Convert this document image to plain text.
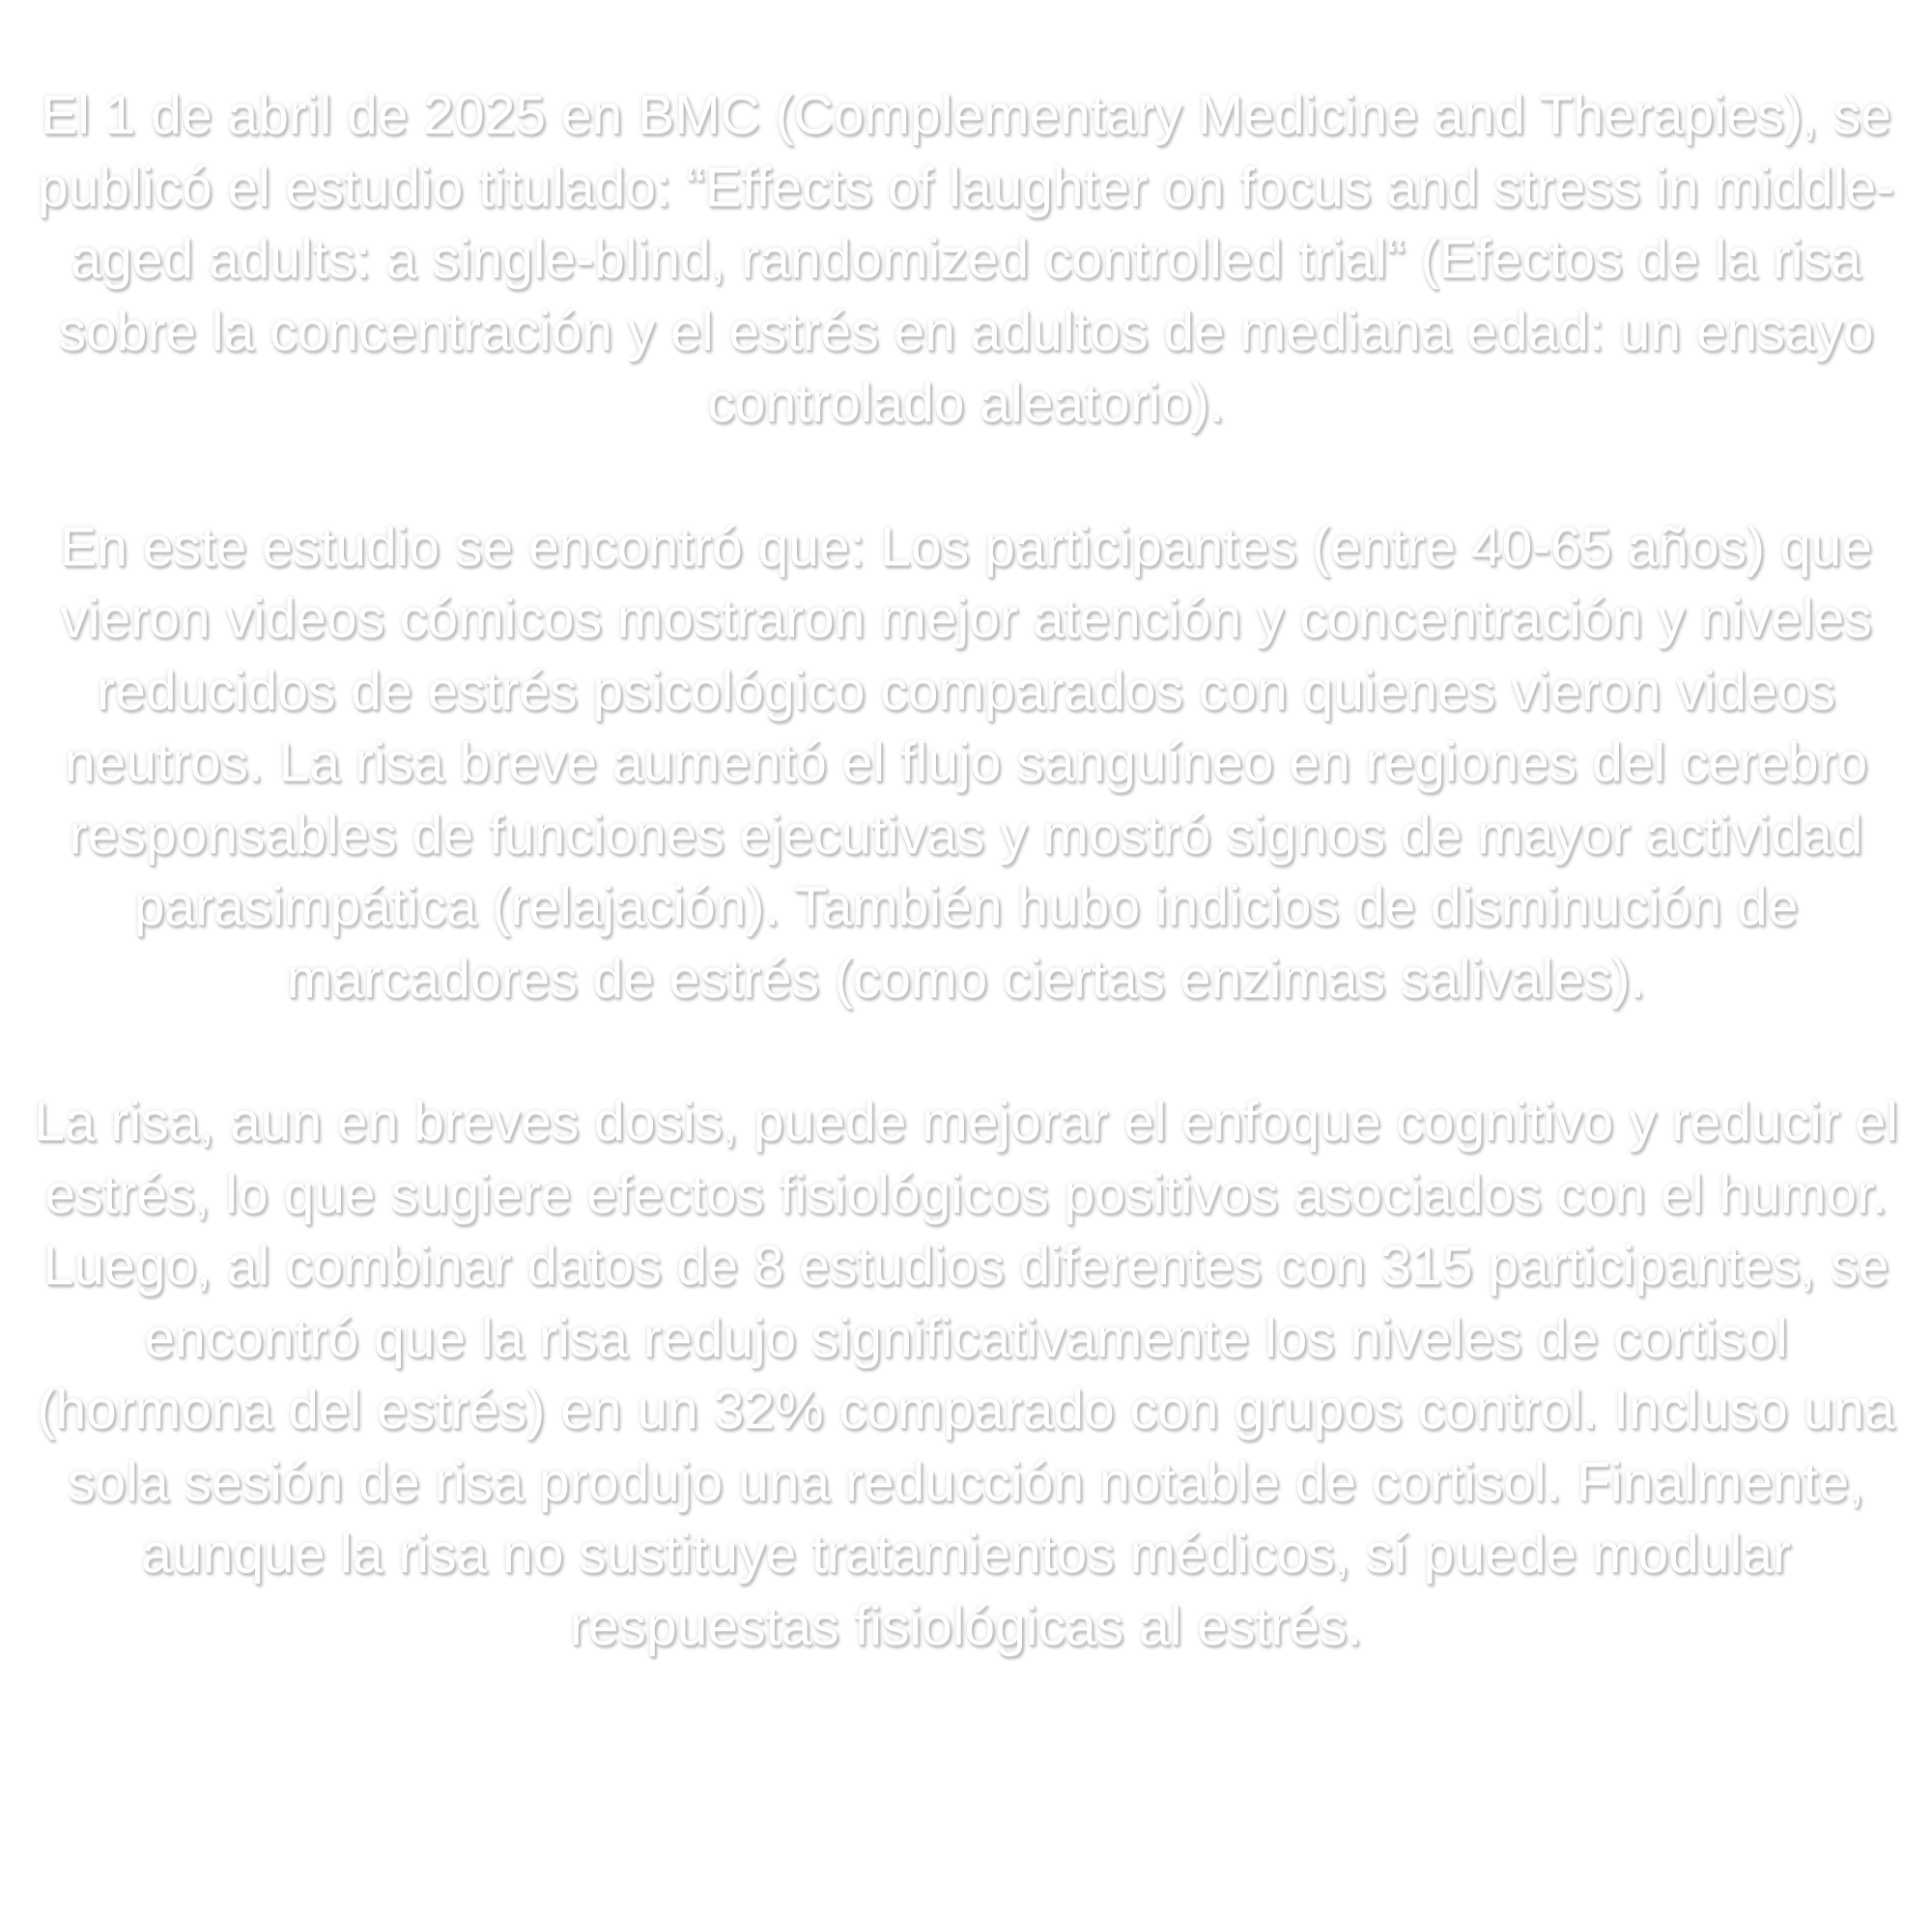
El 1 de abril de 2025 en BMC (Complementary Medicine and Therapies), se publicó el estudio titulado: “Effects of laughter on focus and stress in middle-aged adults: a single-blind, randomized controlled trial“ (Efectos de la risa sobre la concentración y el estrés en adultos de mediana edad: un ensayo controlado aleatorio).

En este estudio se encontró que: Los participantes (entre 40-65 años) que vieron videos cómicos mostraron mejor atención y concentración y niveles reducidos de estrés psicológico comparados con quienes vieron videos neutros. La risa breve aumentó el flujo sanguíneo en regiones del cerebro responsables de funciones ejecutivas y mostró signos de mayor actividad parasimpática (relajación). También hubo indicios de disminución de marcadores de estrés (como ciertas enzimas salivales).

La risa, aun en breves dosis, puede mejorar el enfoque cognitivo y reducir el estrés, lo que sugiere efectos fisiológicos positivos asociados con el humor. Luego, al combinar datos de 8 estudios diferentes con 315 participantes, se encontró que la risa redujo significativamente los niveles de cortisol (hormona del estrés) en un 32% comparado con grupos control. Incluso una sola sesión de risa produjo una reducción notable de cortisol. Finalmente, aunque la risa no sustituye tratamientos médicos, sí puede modular respuestas fisiológicas al estrés.
